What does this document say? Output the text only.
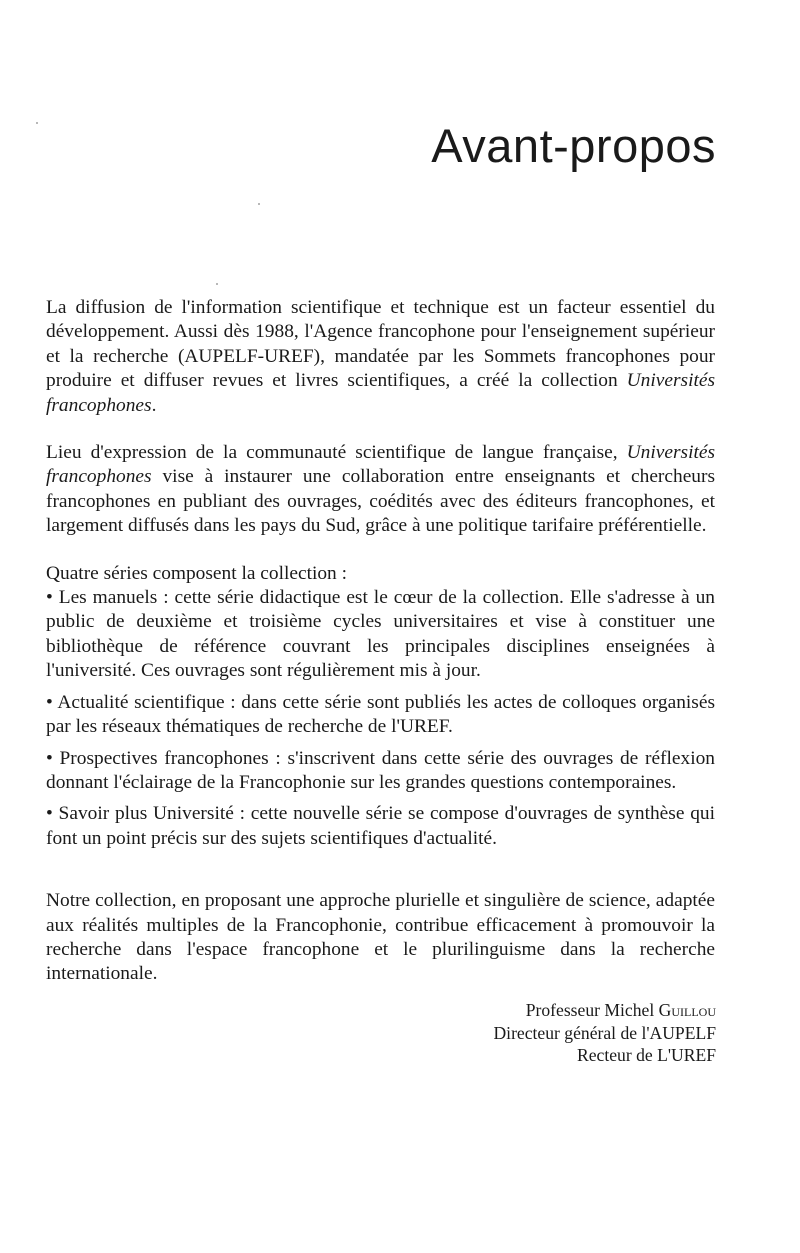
Avant-propos

La diffusion de l'information scientifique et technique est un facteur essentiel du développement. Aussi dès 1988, l'Agence francophone pour l'enseignement supérieur et la recherche (AUPELF-UREF), mandatée par les Sommets francophones pour produire et diffuser revues et livres scientifiques, a créé la collection Universités francophones.

Lieu d'expression de la communauté scientifique de langue française, Universités francophones vise à instaurer une collaboration entre enseignants et chercheurs francophones en publiant des ouvrages, coédités avec des éditeurs francophones, et largement diffusés dans les pays du Sud, grâce à une politique tarifaire préférentielle.

Quatre séries composent la collection :

• Les manuels : cette série didactique est le cœur de la collection. Elle s'adresse à un public de deuxième et troisième cycles universitaires et vise à constituer une bibliothèque de référence couvrant les principales disciplines enseignées à l'université. Ces ouvrages sont régulièrement mis à jour.

• Actualité scientifique : dans cette série sont publiés les actes de colloques organisés par les réseaux thématiques de recherche de l'UREF.

• Prospectives francophones : s'inscrivent dans cette série des ouvrages de réflexion donnant l'éclairage de la Francophonie sur les grandes questions contemporaines.

• Savoir plus Université : cette nouvelle série se compose d'ouvrages de synthèse qui font un point précis sur des sujets scientifiques d'actualité.

Notre collection, en proposant une approche plurielle et singulière de science, adaptée aux réalités multiples de la Francophonie, contribue efficacement à promouvoir la recherche dans l'espace francophone et le plurilinguisme dans la recherche internationale.

Professeur Michel Guillou
Directeur général de l'AUPELF
Recteur de L'UREF
